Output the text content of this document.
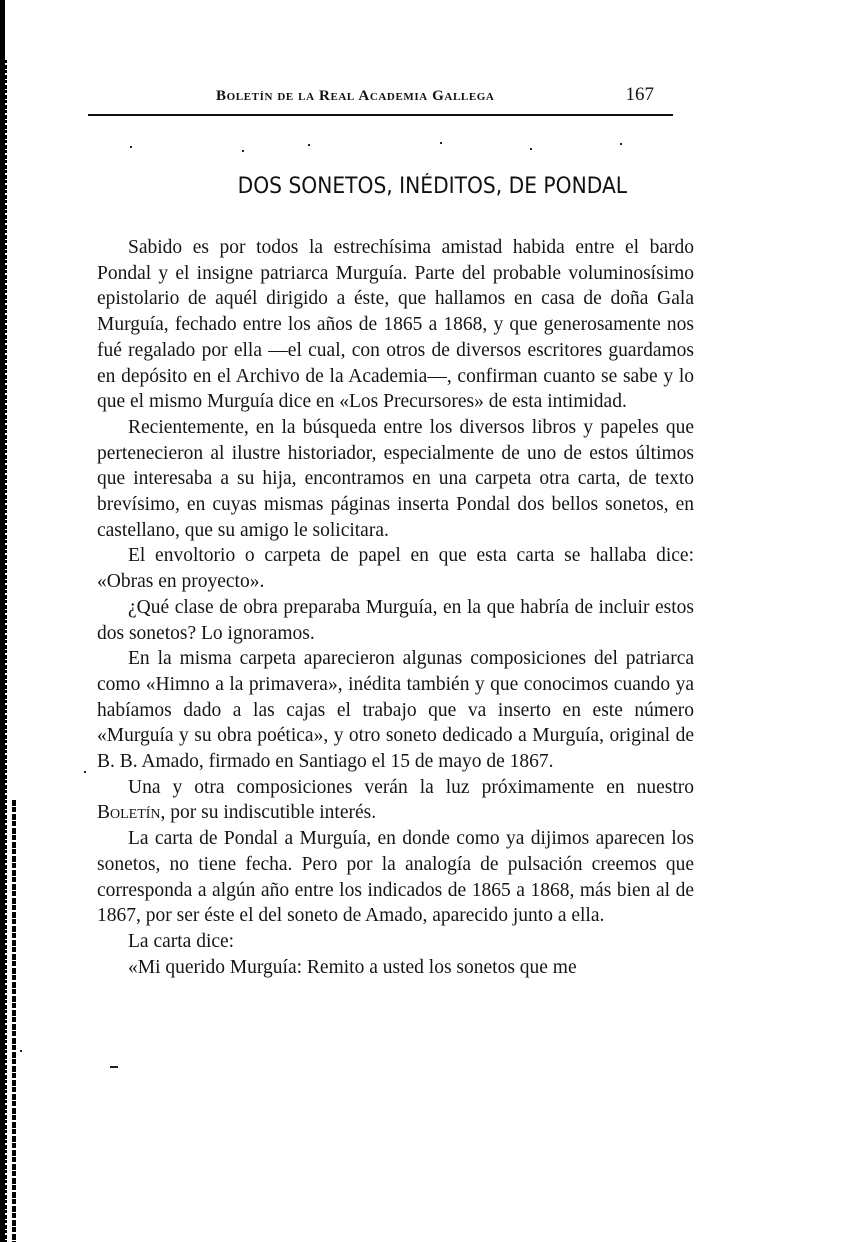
Boletín de la Real Academia Gallega	167
DOS SONETOS, INÉDITOS, DE PONDAL

Sabido es por todos la estrechísima amistad habida entre el bardo Pondal y el insigne patriarca Murguía. Parte del probable voluminosísimo epistolario de aquél dirigido a éste, que hallamos en casa de doña Gala Murguía, fechado entre los años de 1865 a 1868, y que generosamente nos fué regalado por ella —el cual, con otros de diversos escritores guardamos en depósito en el Archivo de la Academia—, confirman cuanto se sabe y lo que el mismo Murguía dice en «Los Precursores» de esta intimidad.

Recientemente, en la búsqueda entre los diversos libros y papeles que pertenecieron al ilustre historiador, especialmente de uno de estos últimos que interesaba a su hija, encontramos en una carpeta otra carta, de texto brevísimo, en cuyas mismas páginas inserta Pondal dos bellos sonetos, en castellano, que su amigo le solicitara.

El envoltorio o carpeta de papel en que esta carta se hallaba dice: «Obras en proyecto».

¿Qué clase de obra preparaba Murguía, en la que habría de incluir estos dos sonetos? Lo ignoramos.

En la misma carpeta aparecieron algunas composiciones del patriarca como «Himno a la primavera», inédita también y que conocimos cuando ya habíamos dado a las cajas el trabajo que va inserto en este número «Murguía y su obra poética», y otro soneto dedicado a Murguía, original de B. B. Amado, firmado en Santiago el 15 de mayo de 1867.

Una y otra composiciones verán la luz próximamente en nuestro Boletín, por su indiscutible interés.

La carta de Pondal a Murguía, en donde como ya dijimos aparecen los sonetos, no tiene fecha. Pero por la analogía de pulsación creemos que corresponda a algún año entre los indicados de 1865 a 1868, más bien al de 1867, por ser éste el del soneto de Amado, aparecido junto a ella.

La carta dice:

«Mi querido Murguía: Remito a usted los sonetos que me
